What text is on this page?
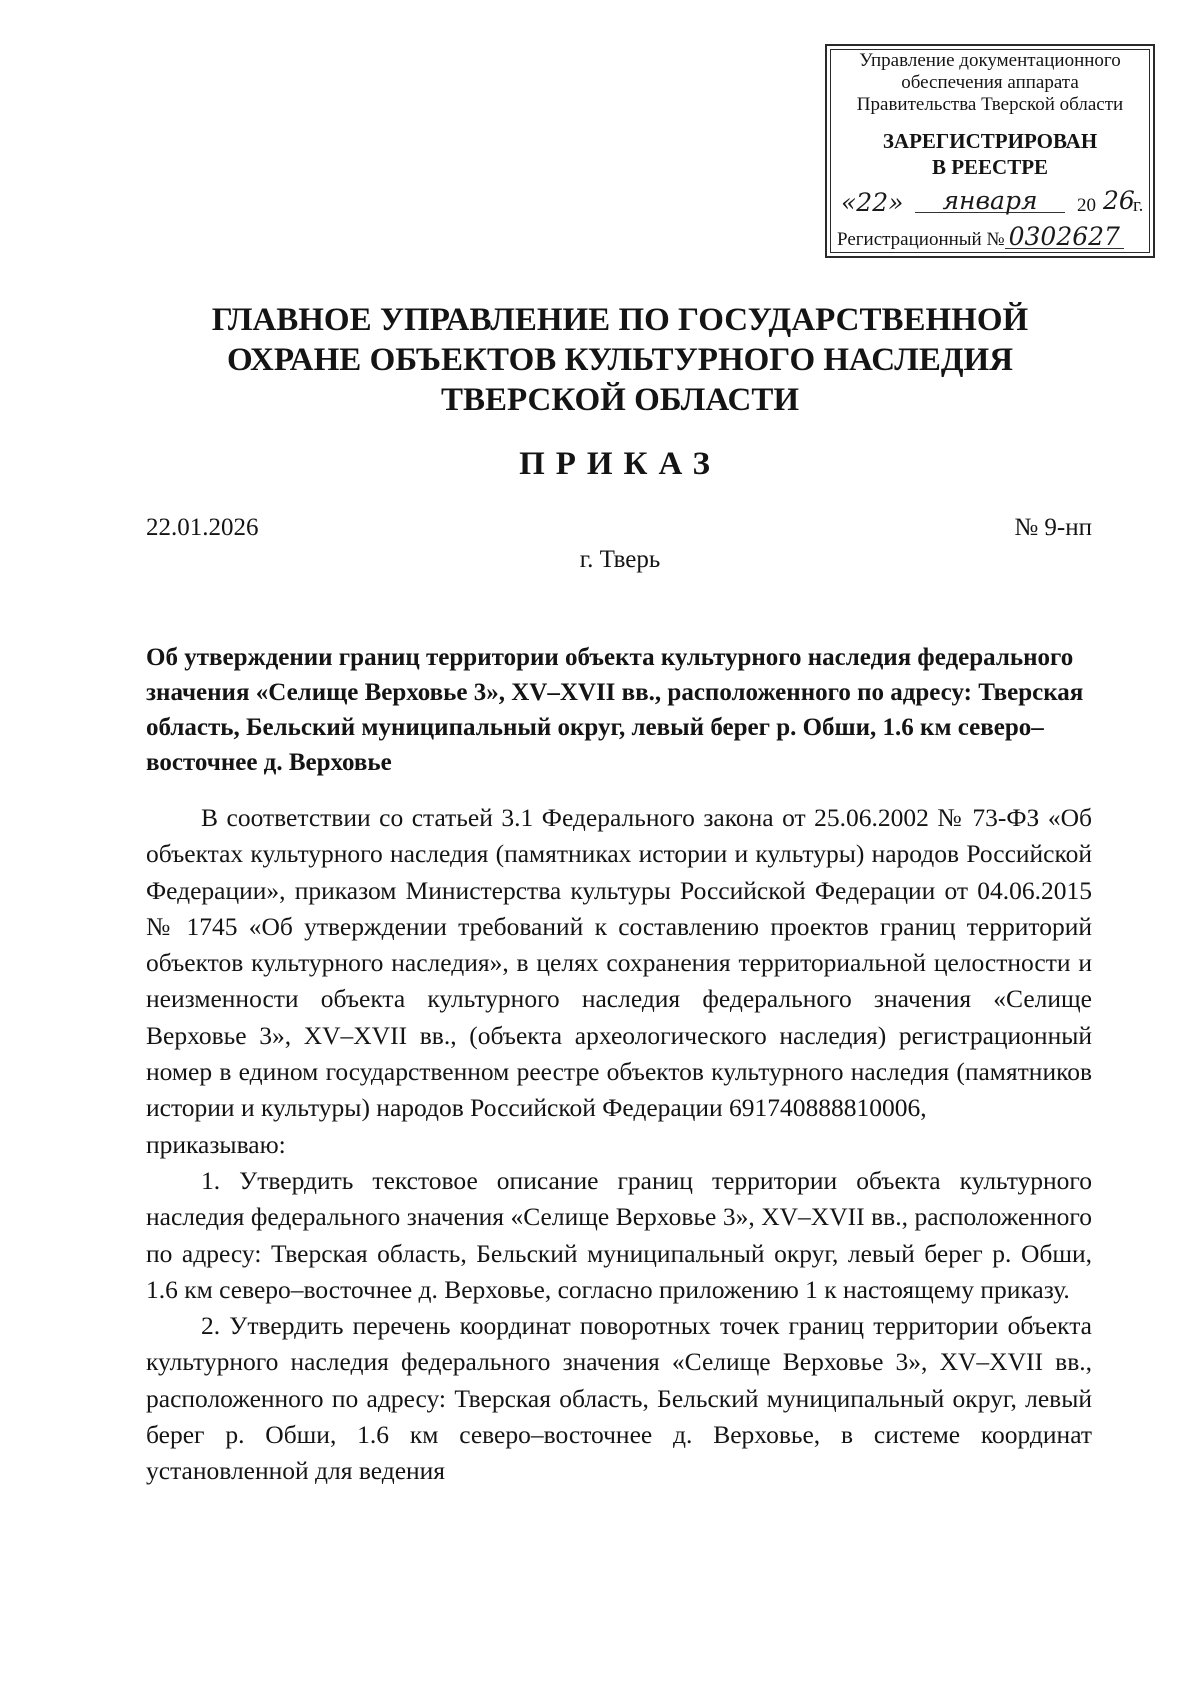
Управление документационного
обеспечения аппарата
Правительства Тверской области
ЗАРЕГИСТРИРОВАН
В РЕЕСТРЕ
«22»	января	20 26
г.
Регистрационный № 0302627
ГЛАВНОЕ УПРАВЛЕНИЕ ПО ГОСУДАРСТВЕННОЙ
ОХРАНЕ ОБЪЕКТОВ КУЛЬТУРНОГО НАСЛЕДИЯ
ТВЕРСКОЙ ОБЛАСТИ
ПРИКАЗ
22.01.2026	№ 9-нп
г. Тверь
Об утверждении границ территории объекта культурного наследия федерального значения «Селище Верховье 3», XV–XVII вв., расположенного по адресу: Тверская область, Бельский муниципальный округ, левый берег р. Обши, 1.6 км северо–восточнее д. Верховье

В соответствии со статьей 3.1 Федерального закона от 25.06.2002 № 73-ФЗ «Об объектах культурного наследия (памятниках истории и культуры) народов Российской Федерации», приказом Министерства культуры Российской Федерации от 04.06.2015 № 1745 «Об утверждении требований к составлению проектов границ территорий объектов культурного наследия», в целях сохранения территориальной целостности и неизменности объекта культурного наследия федерального значения «Селище Верховье 3», XV–XVII вв., (объекта археологического наследия) регистрационный номер в едином государственном реестре объектов культурного наследия (памятников истории и культуры) народов Российской Федерации 691740888810006,

приказываю:

1. Утвердить текстовое описание границ территории объекта культурного наследия федерального значения «Селище Верховье 3», XV–XVII вв., расположенного по адресу: Тверская область, Бельский муниципальный округ, левый берег р. Обши, 1.6 км северо–восточнее д. Верховье, согласно приложению 1 к настоящему приказу.

2. Утвердить перечень координат поворотных точек границ территории объекта культурного наследия федерального значения «Селище Верховье 3», XV–XVII вв., расположенного по адресу: Тверская область, Бельский муниципальный округ, левый берег р. Обши, 1.6 км северо–восточнее д. Верховье, в системе координат установленной для ведения
